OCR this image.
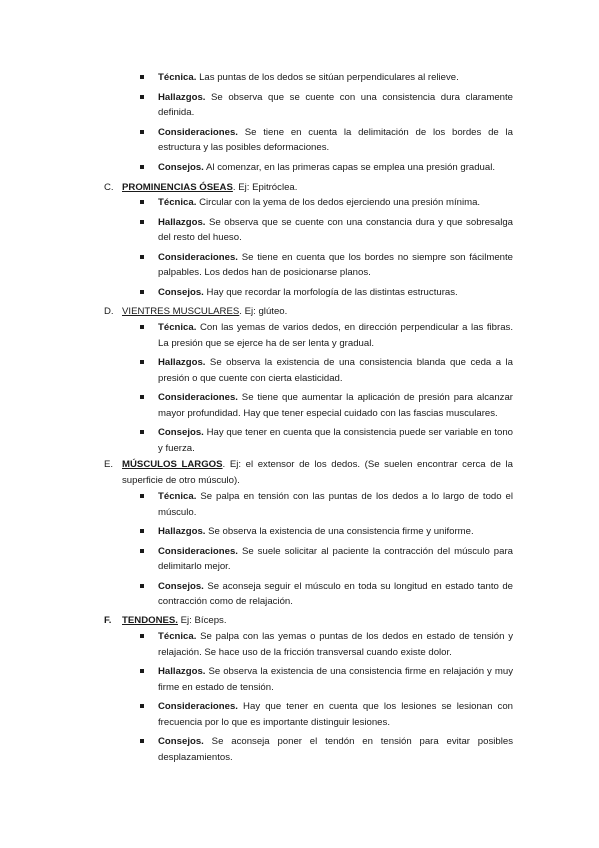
Técnica. Las puntas de los dedos se sitúan perpendiculares al relieve.
Hallazgos. Se observa que se cuente con una consistencia dura claramente definida.
Consideraciones. Se tiene en cuenta la delimitación de los bordes de la estructura y las posibles deformaciones.
Consejos. Al comenzar, en las primeras capas se emplea una presión gradual.
C. PROMINENCIAS ÓSEAS. Ej: Epitróclea.
Técnica. Circular con la yema de los dedos ejerciendo una presión mínima.
Hallazgos. Se observa que se cuente con una constancia dura y que sobresalga del resto del hueso.
Consideraciones. Se tiene en cuenta que los bordes no siempre son fácilmente palpables. Los dedos han de posicionarse planos.
Consejos. Hay que recordar la morfología de las distintas estructuras.
D. VIENTRES MUSCULARES. Ej: glúteo.
Técnica. Con las yemas de varios dedos, en dirección perpendicular a las fibras. La presión que se ejerce ha de ser lenta y gradual.
Hallazgos. Se observa la existencia de una consistencia blanda que ceda a la presión o que cuente con cierta elasticidad.
Consideraciones. Se tiene que aumentar la aplicación de presión para alcanzar mayor profundidad. Hay que tener especial cuidado con las fascias musculares.
Consejos. Hay que tener en cuenta que la consistencia puede ser variable en tono y fuerza.
E. MÚSCULOS LARGOS. Ej: el extensor de los dedos. (Se suelen encontrar cerca de la superficie de otro músculo).
Técnica. Se palpa en tensión con las puntas de los dedos a lo largo de todo el músculo.
Hallazgos. Se observa la existencia de una consistencia firme y uniforme.
Consideraciones. Se suele solicitar al paciente la contracción del músculo para delimitarlo mejor.
Consejos. Se aconseja seguir el músculo en toda su longitud en estado tanto de contracción como de relajación.
F.	TENDONES. Ej: Bíceps.
Técnica. Se palpa con las yemas o puntas de los dedos en estado de tensión y relajación. Se hace uso de la fricción transversal cuando existe dolor.
Hallazgos. Se observa la existencia de una consistencia firme en relajación y muy firme en estado de tensión.
Consideraciones. Hay que tener en cuenta que los lesiones se lesionan con frecuencia por lo que es importante distinguir lesiones.
Consejos. Se aconseja poner el tendón en tensión para evitar posibles desplazamientos.
